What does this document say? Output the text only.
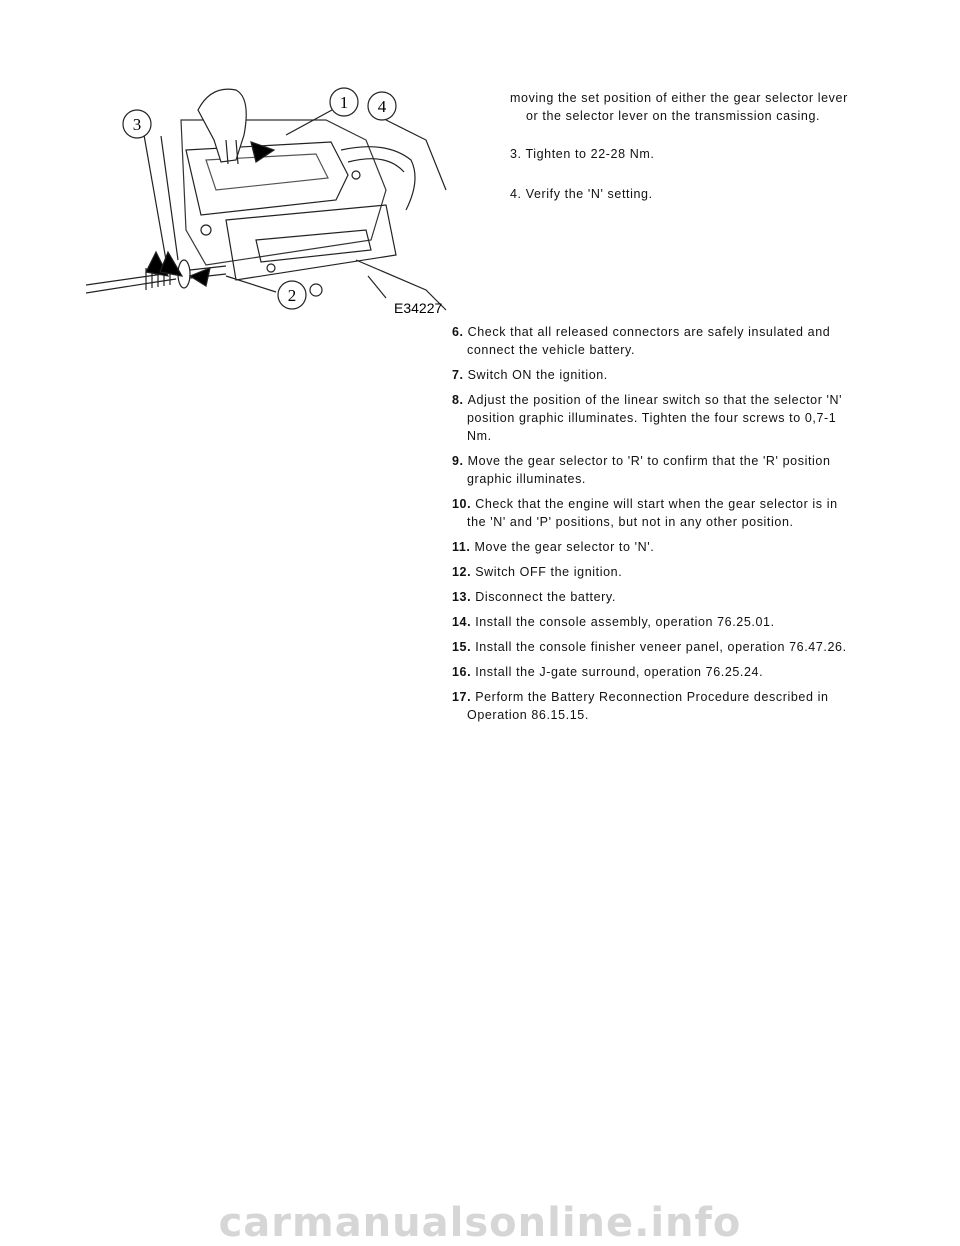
1 4
3
2
E34227

moving the set position of either the gear selector lever

or the selector lever on the transmission casing.

3. Tighten to 22-28 Nm.

4. Verify the 'N' setting.

6. Check that all released connectors are safely insulated and
connect the vehicle battery.

7. Switch ON the ignition.

8. Adjust the position of the linear switch so that the selector 'N'
position graphic illuminates. Tighten the four screws to 0,7-1
Nm.

9. Move the gear selector to 'R' to confirm that the 'R' position
graphic illuminates.

10. Check that the engine will start when the gear selector is in
the 'N' and 'P' positions, but not in any other position.

11. Move the gear selector to 'N'.

12. Switch OFF the ignition.

13. Disconnect the battery.

14. Install the console assembly, operation 76.25.01.

15. Install the console finisher veneer panel, operation 76.47.26.

16. Install the J-gate surround, operation 76.25.24.

17. Perform the Battery Reconnection Procedure described in
Operation 86.15.15.

carmanualsonline.info
